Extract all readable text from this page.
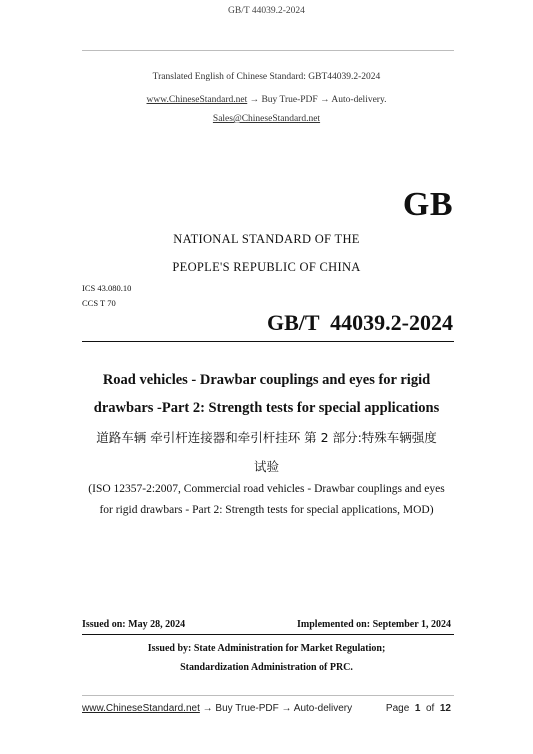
GB/T 44039.2-2024
Translated English of Chinese Standard: GBT44039.2-2024
www.ChineseStandard.net → Buy True-PDF → Auto-delivery.
Sales@ChineseStandard.net
GB
NATIONAL STANDARD OF THE
PEOPLE'S REPUBLIC OF CHINA
ICS 43.080.10
CCS T 70
GB/T  44039.2-2024
Road vehicles - Drawbar couplings and eyes for rigid
drawbars -Part 2: Strength tests for special applications
道路车辆 牵引杆连接器和牵引杆挂环 第 2 部分:特殊车辆强度
试验
(ISO 12357-2:2007, Commercial road vehicles - Drawbar couplings and eyes
for rigid drawbars - Part 2: Strength tests for special applications, MOD)
Issued on: May 28, 2024	Implemented on: September 1, 2024
Issued by: State Administration for Market Regulation;
Standardization Administration of PRC.
www.ChineseStandard.net → Buy True-PDF → Auto-delivery	Page 1 of 12
